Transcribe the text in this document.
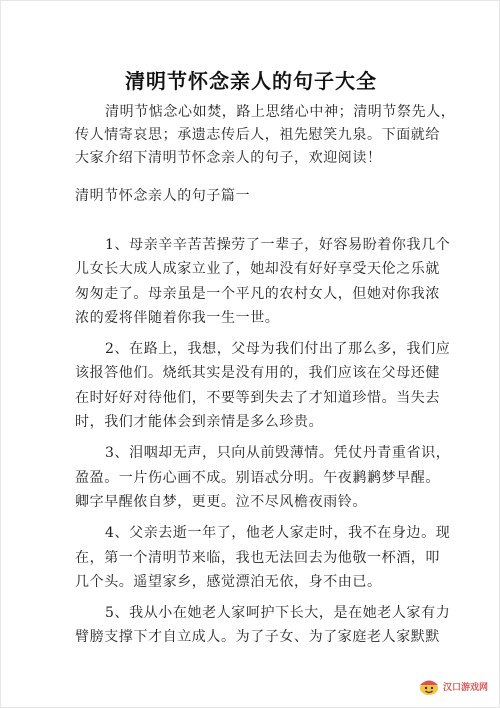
清明节怀念亲人的句子大全
清明节惦念心如焚，路上思绪心中神；清明节祭先人，
传人情寄哀思；承遗志传后人，祖先慰笑九泉。下面就给
大家介绍下清明节怀念亲人的句子，欢迎阅读！
清明节怀念亲人的句子篇一
1、母亲辛辛苦苦操劳了一辈子，好容易盼着你我几个
儿女长大成人成家立业了，她却没有好好享受天伦之乐就
匆匆走了。母亲虽是一个平凡的农村女人，但她对你我浓
浓的爱将伴随着你我一生一世。
2、在路上，我想，父母为我们付出了那么多，我们应
该报答他们。烧纸其实是没有用的，我们应该在父母还健
在时好好对待他们，不要等到失去了才知道珍惜。当失去
时，我们才能体会到亲情是多么珍贵。
3、泪咽却无声，只向从前毁薄情。凭仗丹青重省识，
盈盈。一片伤心画不成。别语忒分明。午夜鹣鹣梦早醒。
卿字早醒侬自梦，更更。泣不尽风檐夜雨铃。
4、父亲去逝一年了，他老人家走时，我不在身边。现
在，第一个清明节来临，我也无法回去为他敬一杯酒，叩
几个头。遥望家乡，感觉漂泊无依，身不由已。
5、我从小在她老人家呵护下长大，是在她老人家有力
臂膀支撑下才自立成人。为了子女、为了家庭老人家默默
汉口游戏网
